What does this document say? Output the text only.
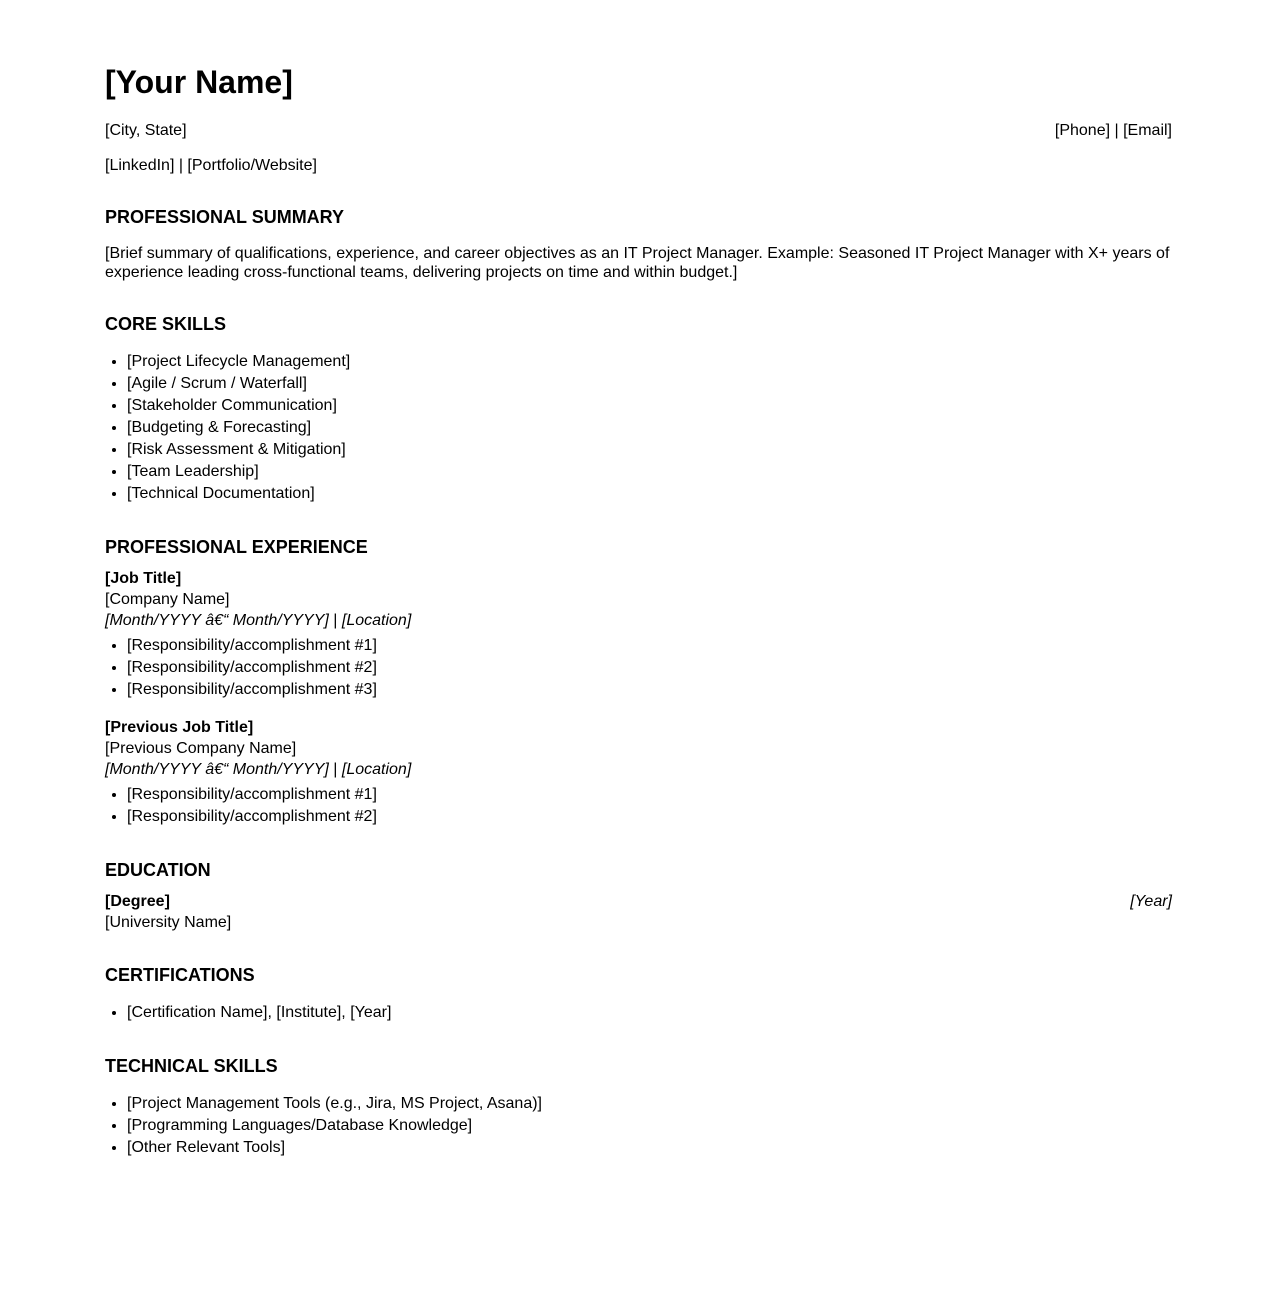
[Your Name]
[City, State]	[Phone] | [Email]

[LinkedIn] | [Portfolio/Website]

PROFESSIONAL SUMMARY

[Brief summary of qualifications, experience, and career objectives as an IT Project Manager. Example: Seasoned IT Project Manager with X+ years of experience leading cross-functional teams, delivering projects on time and within budget.]

CORE SKILLS
• [Project Lifecycle Management]
• [Agile / Scrum / Waterfall]
• [Stakeholder Communication]
• [Budgeting & Forecasting]
• [Risk Assessment & Mitigation]
• [Team Leadership]
• [Technical Documentation]
PROFESSIONAL EXPERIENCE

[Job Title]
[Company Name]
[Month/YYYY â€“ Month/YYYY] | [Location]

• [Responsibility/accomplishment #1]
• [Responsibility/accomplishment #2]
• [Responsibility/accomplishment #3]

[Previous Job Title]
[Previous Company Name]
[Month/YYYY â€“ Month/YYYY] | [Location]

• [Responsibility/accomplishment #1]
• [Responsibility/accomplishment #2]
EDUCATION
[Degree]	[Year]

[University Name]

CERTIFICATIONS
• [Certification Name], [Institute], [Year]
TECHNICAL SKILLS
• [Project Management Tools (e.g., Jira, MS Project, Asana)]
• [Programming Languages/Database Knowledge]
• [Other Relevant Tools]
